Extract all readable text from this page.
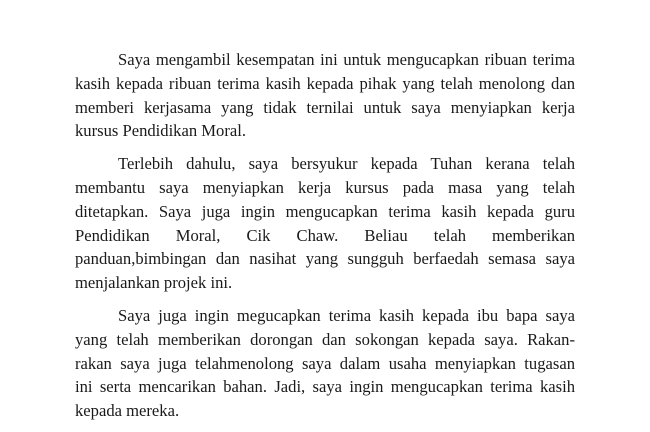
Saya mengambil kesempatan ini untuk mengucapkan ribuan terima
kasih kepada ribuan terima kasih kepada pihak yang telah menolong dan
memberi kerjasama yang tidak ternilai untuk saya menyiapkan kerja
kursus Pendidikan Moral.

Terlebih dahulu, saya bersyukur kepada Tuhan kerana telah
membantu saya menyiapkan kerja kursus pada masa yang telah
ditetapkan. Saya juga ingin mengucapkan terima kasih kepada guru
Pendidikan Moral, Cik Chaw. Beliau telah memberikan
panduan,bimbingan dan nasihat yang sungguh berfaedah semasa saya
menjalankan projek ini.

Saya juga ingin megucapkan terima kasih kepada ibu bapa saya
yang telah memberikan dorongan dan sokongan kepada saya. Rakan-
rakan saya juga telahmenolong saya dalam usaha menyiapkan tugasan
ini serta mencarikan bahan. Jadi, saya ingin mengucapkan terima kasih
kepada mereka.
